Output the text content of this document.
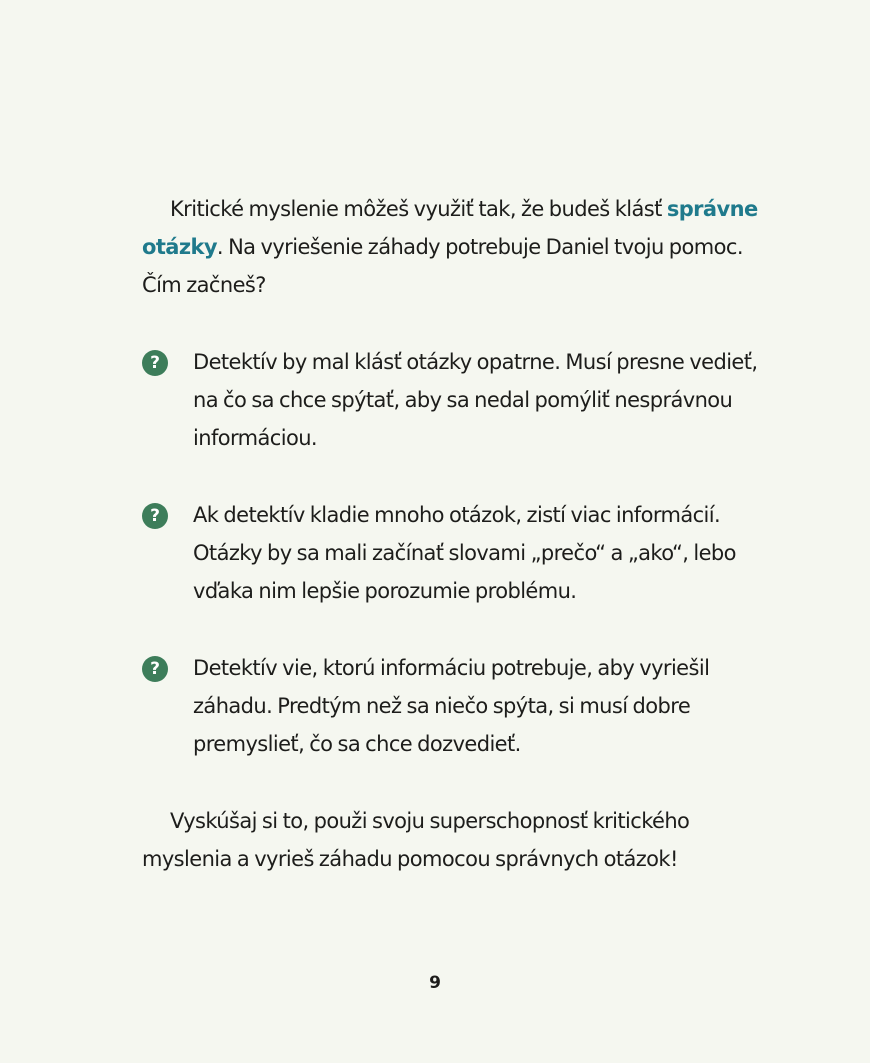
Kritické myslenie môžeš využiť tak, že budeš klásť správne otázky. Na vyriešenie záhady potrebuje Daniel tvoju pomoc. Čím začneš?

?	Detektív by mal klásť otázky opatrne. Musí presne vedieť, na čo sa chce spýtať, aby sa nedal pomýliť nesprávnou informáciou.
?	Ak detektív kladie mnoho otázok, zistí viac informácií. Otázky by sa mali začínať slovami „prečo“ a „ako“, lebo vďaka nim lepšie porozumie problému.
?	Detektív vie, ktorú informáciu potrebuje, aby vyriešil záhadu. Predtým než sa niečo spýta, si musí dobre premyslieť, čo sa chce dozvedieť.

Vyskúšaj si to, použi svoju superschopnosť kritického myslenia a vyrieš záhadu pomocou správnych otázok!

9
